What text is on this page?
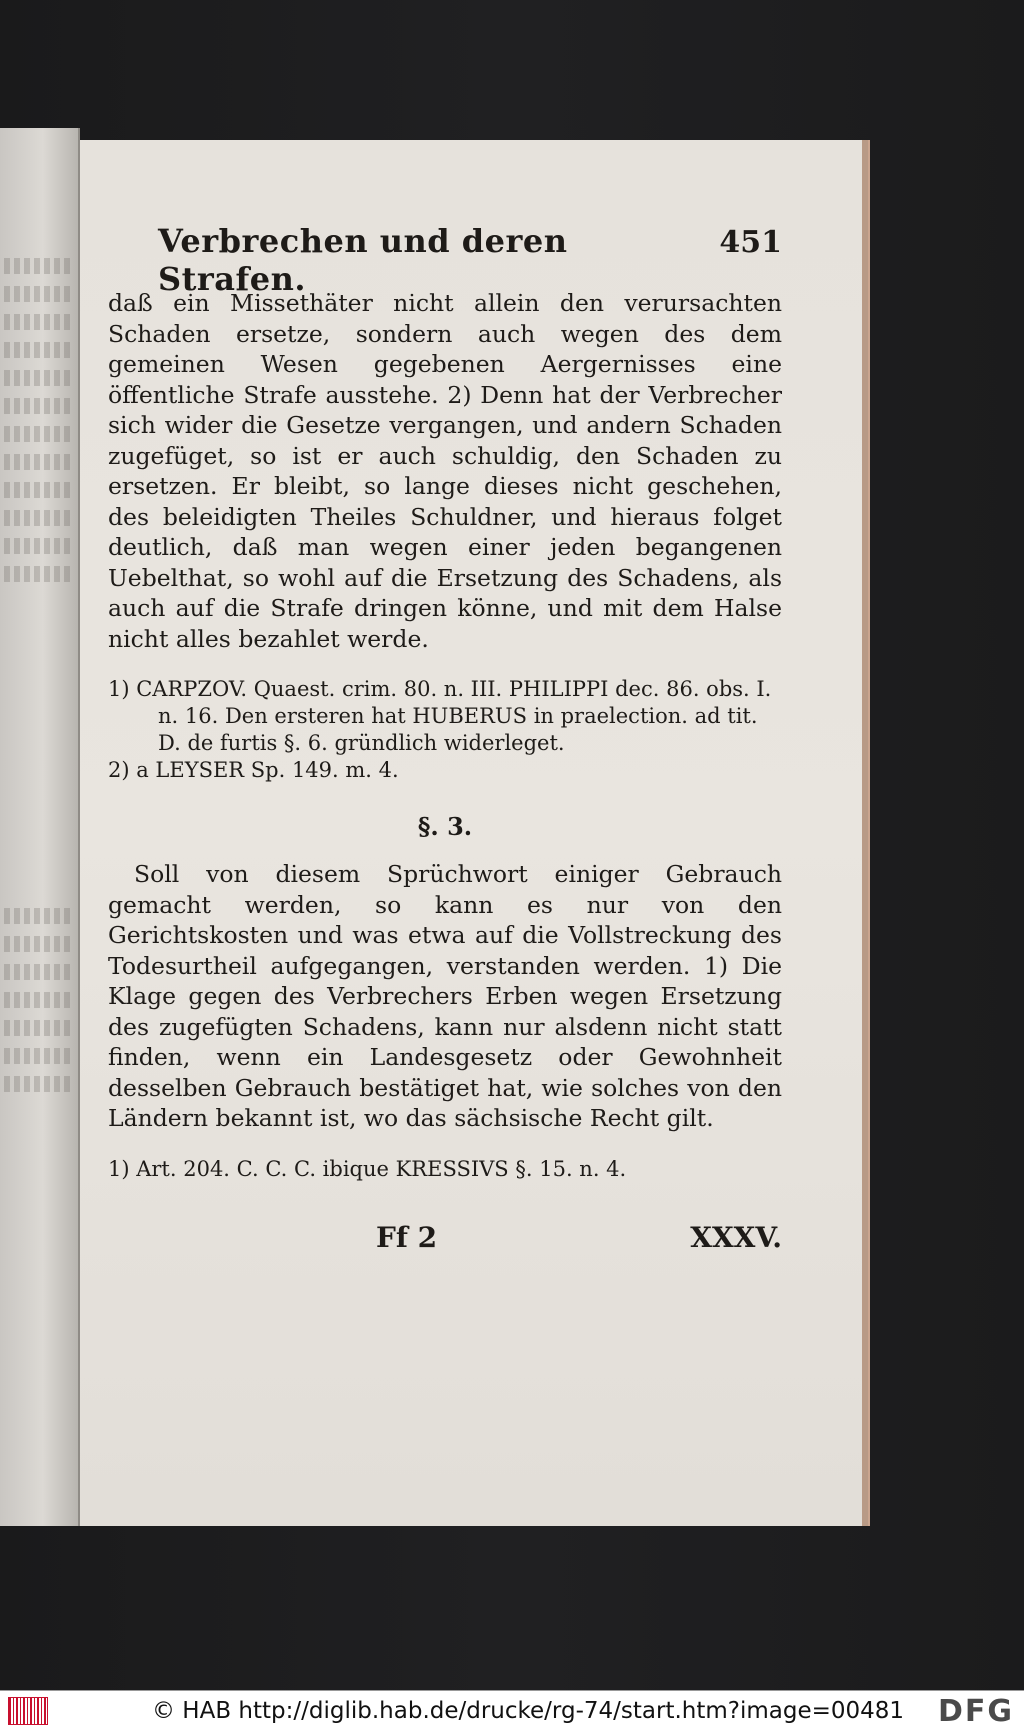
Verbrechen und deren Strafen.
451

daß ein Missethäter nicht allein den verursachten Schaden ersetze, sondern auch wegen des dem gemeinen Wesen gegebenen Aergernisses eine öffentliche Strafe ausstehe. 2) Denn hat der Verbrecher sich wider die Gesetze vergangen, und andern Schaden zugefüget, so ist er auch schuldig, den Schaden zu ersetzen. Er bleibt, so lange dieses nicht geschehen, des beleidigten Theiles Schuldner, und hieraus folget deutlich, daß man wegen einer jeden begangenen Uebelthat, so wohl auf die Ersetzung des Schadens, als auch auf die Strafe dringen könne, und mit dem Halse nicht alles bezahlet werde.

1) CARPZOV. Quaest. crim. 80. n. III. PHILIPPI dec. 86. obs. I. n. 16. Den ersteren hat HUBERUS in praelection. ad tit. D. de furtis §. 6. gründlich widerleget.

2) a LEYSER Sp. 149. m. 4.

§. 3.

Soll von diesem Sprüchwort einiger Gebrauch gemacht werden, so kann es nur von den Gerichtskosten und was etwa auf die Vollstreckung des Todesurtheil aufgegangen, verstanden werden. 1) Die Klage gegen des Verbrechers Erben wegen Ersetzung des zugefügten Schadens, kann nur alsdenn nicht statt finden, wenn ein Landesgesetz oder Gewohnheit desselben Gebrauch bestätiget hat, wie solches von den Ländern bekannt ist, wo das sächsische Recht gilt.

1) Art. 204. C. C. C. ibique KRESSIVS §. 15. n. 4.

Ff 2	XXXV.
© HAB http://diglib.hab.de/drucke/rg-74/start.htm?image=00481 DFG
